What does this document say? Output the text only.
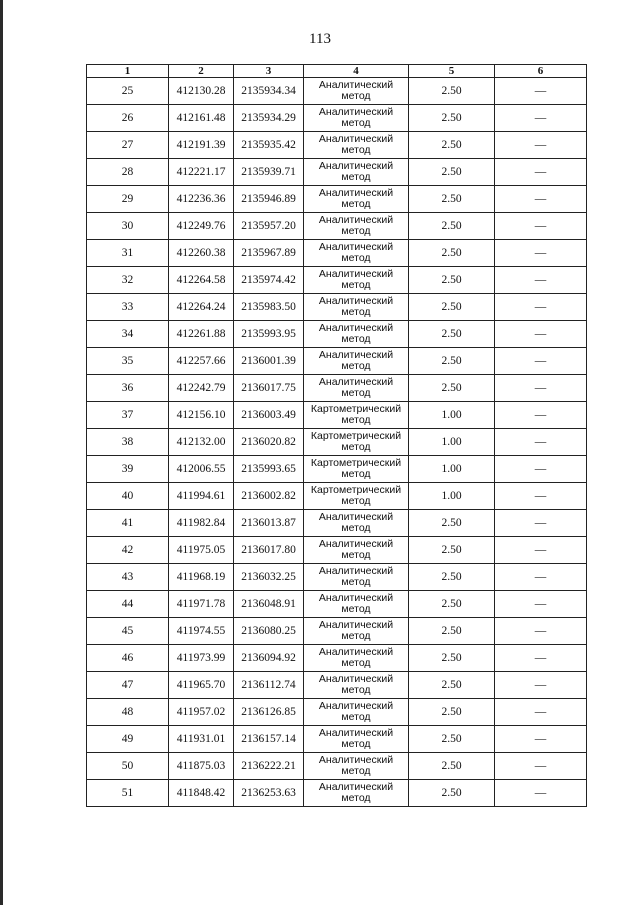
113
1	2	3	4	5	6
25	412130.28	2135934.34	Аналитический метод	2.50	—
26	412161.48	2135934.29	Аналитический метод	2.50	—
27	412191.39	2135935.42	Аналитический метод	2.50	—
28	412221.17	2135939.71	Аналитический метод	2.50	—
29	412236.36	2135946.89	Аналитический метод	2.50	—
30	412249.76	2135957.20	Аналитический метод	2.50	—
31	412260.38	2135967.89	Аналитический метод	2.50	—
32	412264.58	2135974.42	Аналитический метод	2.50	—
33	412264.24	2135983.50	Аналитический метод	2.50	—
34	412261.88	2135993.95	Аналитический метод	2.50	—
35	412257.66	2136001.39	Аналитический метод	2.50	—
36	412242.79	2136017.75	Аналитический метод	2.50	—
37	412156.10	2136003.49	Картометрический метод	1.00	—
38	412132.00	2136020.82	Картометрический метод	1.00	—
39	412006.55	2135993.65	Картометрический метод	1.00	—
40	411994.61	2136002.82	Картометрический метод	1.00	—
41	411982.84	2136013.87	Аналитический метод	2.50	—
42	411975.05	2136017.80	Аналитический метод	2.50	—
43	411968.19	2136032.25	Аналитический метод	2.50	—
44	411971.78	2136048.91	Аналитический метод	2.50	—
45	411974.55	2136080.25	Аналитический метод	2.50	—
46	411973.99	2136094.92	Аналитический метод	2.50	—
47	411965.70	2136112.74	Аналитический метод	2.50	—
48	411957.02	2136126.85	Аналитический метод	2.50	—
49	411931.01	2136157.14	Аналитический метод	2.50	—
50	411875.03	2136222.21	Аналитический метод	2.50	—
51	411848.42	2136253.63	Аналитический метод	2.50	—
